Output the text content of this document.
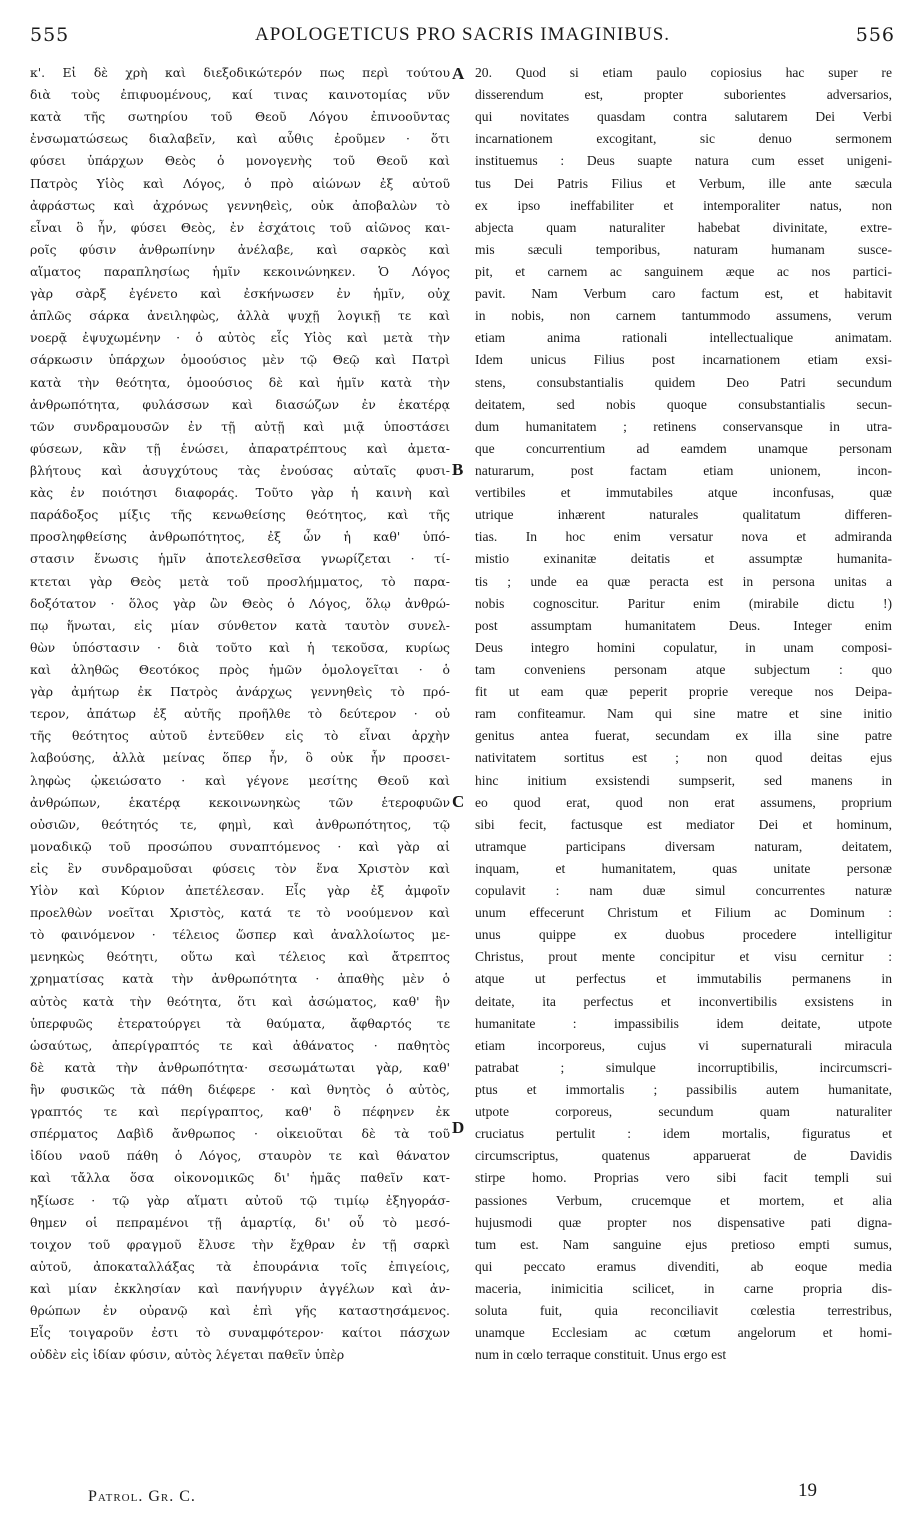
555	APOLOGETICUS PRO SACRIS IMAGINIBUS.	556
κ'. Εἰ δὲ χρὴ καὶ διεξοδικώτερόν πως περὶ τούτου
διὰ τοὺς ἐπιφυομένους, καί τινας καινοτομίας νῦν
κατὰ τῆς σωτηρίου τοῦ Θεοῦ Λόγου ἐπινοοῦντας
ἐνσωματώσεως διαλαβεῖν, καὶ αὖθις ἐροῦμεν · ὅτι
φύσει ὑπάρχων Θεὸς ὁ μονογενὴς τοῦ Θεοῦ καὶ
Πατρὸς Υἱὸς καὶ Λόγος, ὁ πρὸ αἰώνων ἐξ αὐτοῦ
ἀφράστως καὶ ἀχρόνως γεννηθεὶς, οὐκ ἀποβαλὼν τὸ
εἶναι ὃ ἦν, φύσει Θεὸς, ἐν ἐσχάτοις τοῦ αἰῶνος και-
ροῖς φύσιν ἀνθρωπίνην ἀνέλαβε, καὶ σαρκὸς καὶ
αἵματος παραπλησίως ἡμῖν κεκοινώνηκεν. Ὁ Λόγος
γὰρ σὰρξ ἐγένετο καὶ ἐσκήνωσεν ἐν ἡμῖν, οὐχ
ἁπλῶς σάρκα ἀνειληφὼς, ἀλλὰ ψυχῇ λογικῇ τε καὶ
νοερᾷ ἐψυχωμένην · ὁ αὐτὸς εἷς Υἱὸς καὶ μετὰ τὴν
σάρκωσιν ὑπάρχων ὁμοούσιος μὲν τῷ Θεῷ καὶ Πατρὶ
κατὰ τὴν θεότητα, ὁμοούσιος δὲ καὶ ἡμῖν κατὰ τὴν
ἀνθρωπότητα, φυλάσσων καὶ διασώζων ἐν ἑκατέρᾳ
τῶν συνδραμουσῶν ἐν τῇ αὐτῇ καὶ μιᾷ ὑποστάσει
φύσεων, κἂν τῇ ἑνώσει, ἀπαρατρέπτους καὶ ἀμετα-
βλήτους καὶ ἀσυγχύτους τὰς ἐνούσας αὐταῖς φυσι-
κὰς ἐν ποιότησι διαφοράς. Τοῦτο γὰρ ἡ καινὴ καὶ
παράδοξος μίξις τῆς κενωθείσης θεότητος, καὶ τῆς
προσληφθείσης ἀνθρωπότητος, ἐξ ὧν ἡ καθ' ὑπό-
στασιν ἕνωσις ἡμῖν ἀποτελεσθεῖσα γνωρίζεται · τί-
κτεται γὰρ Θεὸς μετὰ τοῦ προσλήμματος, τὸ παρα-
δοξότατον · ὅλος γὰρ ὢν Θεὸς ὁ Λόγος, ὅλῳ ἀνθρώ-
πῳ ἥνωται, εἰς μίαν σύνθετον κατὰ ταυτὸν συνελ-
θὼν ὑπόστασιν · διὰ τοῦτο καὶ ἡ τεκοῦσα, κυρίως
καὶ ἀληθῶς Θεοτόκος πρὸς ἡμῶν ὁμολογεῖται · ὁ
γὰρ ἀμήτωρ ἐκ Πατρὸς ἀνάρχως γεννηθεὶς τὸ πρό-
τερον, ἀπάτωρ ἐξ αὐτῆς προῆλθε τὸ δεύτερον · οὐ
τῆς θεότητος αὐτοῦ ἐντεῦθεν εἰς τὸ εἶναι ἀρχὴν
λαβούσης, ἀλλὰ μείνας ὅπερ ἦν, ὃ οὐκ ἦν προσει-
ληφὼς ᾠκειώσατο · καὶ γέγονε μεσίτης Θεοῦ καὶ
ἀνθρώπων, ἑκατέρᾳ κεκοινωνηκὼς τῶν ἑτεροφυῶν
οὐσιῶν, θεότητός τε, φημὶ, καὶ ἀνθρωπότητος, τῷ
μοναδικῷ τοῦ προσώπου συναπτόμενος · καὶ γὰρ αἱ
εἰς ἓν συνδραμοῦσαι φύσεις τὸν ἕνα Χριστὸν καὶ
Υἱὸν καὶ Κύριον ἀπετέλεσαν. Εἷς γὰρ ἐξ ἀμφοῖν
προελθὼν νοεῖται Χριστὸς, κατά τε τὸ νοούμενον καὶ
τὸ φαινόμενον · τέλειος ὥσπερ καὶ ἀναλλοίωτος με-
μενηκὼς θεότητι, οὕτω καὶ τέλειος καὶ ἄτρεπτος
χρηματίσας κατὰ τὴν ἀνθρωπότητα · ἀπαθὴς μὲν ὁ
αὐτὸς κατὰ τὴν θεότητα, ὅτι καὶ ἀσώματος, καθ' ἣν
ὑπερφυῶς ἐτερατούργει τὰ θαύματα, ἄφθαρτός τε
ὡσαύτως, ἀπερίγραπτός τε καὶ ἀθάνατος · παθητὸς
δὲ κατὰ τὴν ἀνθρωπότητα· σεσωμάτωται γὰρ, καθ'
ἣν φυσικῶς τὰ πάθη διέφερε · καὶ θνητὸς ὁ αὐτὸς,
γραπτός τε καὶ περίγραπτος, καθ' ὃ πέφηνεν ἐκ
σπέρματος Δαβὶδ ἄνθρωπος · οἰκειοῦται δὲ τὰ τοῦ
ἰδίου ναοῦ πάθη ὁ Λόγος, σταυρὸν τε καὶ θάνατον
καὶ τἄλλα ὅσα οἰκονομικῶς δι' ἡμᾶς παθεῖν κατ-
ηξίωσε · τῷ γὰρ αἵματι αὐτοῦ τῷ τιμίῳ ἐξηγοράσ-
θημεν οἱ πεπραμένοι τῇ ἁμαρτίᾳ, δι' οὗ τὸ μεσό-
τοιχον τοῦ φραγμοῦ ἔλυσε τὴν ἔχθραν ἐν τῇ σαρκὶ
αὐτοῦ, ἀποκαταλλάξας τὰ ἐπουράνια τοῖς ἐπιγείοις,
καὶ μίαν ἐκκλησίαν καὶ πανήγυριν ἀγγέλων καὶ ἀν-
θρώπων ἐν οὐρανῷ καὶ ἐπὶ γῆς καταστησάμενος.
Εἷς τοιγαροῦν ἐστι τὸ συναμφότερον· καίτοι πάσχων
οὐδὲν εἰς ἰδίαν φύσιν, αὐτὸς λέγεται παθεῖν ὑπὲρ
A
B
C
D
20. Quod si etiam paulo copiosius hac super re
disserendum est, propter suborientes adversarios,
qui novitates quasdam contra salutarem Dei Verbi
incarnationem excogitant, sic denuo sermonem
instituemus : Deus suapte natura cum esset unigeni-
tus Dei Patris Filius et Verbum, ille ante sæcula
ex ipso ineffabiliter et intemporaliter natus, non
abjecta quam naturaliter habebat divinitate, extre-
mis sæculi temporibus, naturam humanam susce-
pit, et carnem ac sanguinem æque ac nos partici-
pavit. Nam Verbum caro factum est, et habitavit
in nobis, non carnem tantummodo assumens, verum
etiam anima rationali intellectualique animatam.
Idem unicus Filius post incarnationem etiam exsi-
stens, consubstantialis quidem Deo Patri secundum
deitatem, sed nobis quoque consubstantialis secun-
dum humanitatem ; retinens conservansque in utra-
que concurrentium ad eamdem unamque personam
naturarum, post factam etiam unionem, incon-
vertibiles et immutabiles atque inconfusas, quæ
utrique inhærent naturales qualitatum differen-
tias. In hoc enim versatur nova et admiranda
mistio exinanitæ deitatis et assumptæ humanita-
tis ; unde ea quæ peracta est in persona unitas a
nobis cognoscitur. Paritur enim (mirabile dictu !)
post assumptam humanitatem Deus. Integer enim
Deus integro homini copulatur, in unam composi-
tam conveniens personam atque subjectum : quo
fit ut eam quæ peperit proprie vereque nos Deipa-
ram confiteamur. Nam qui sine matre et sine initio
genitus antea fuerat, secundam ex illa sine patre
nativitatem sortitus est ; non quod deitas ejus
hinc initium exsistendi sumpserit, sed manens in
eo quod erat, quod non erat assumens, proprium
sibi fecit, factusque est mediator Dei et hominum,
utramque participans diversam naturam, deitatem,
inquam, et humanitatem, quas unitate personæ
copulavit : nam duæ simul concurrentes naturæ
unum effecerunt Christum et Filium ac Dominum :
unus quippe ex duobus procedere intelligitur
Christus, prout mente concipitur et visu cernitur :
atque ut perfectus et immutabilis permanens in
deitate, ita perfectus et inconvertibilis exsistens in
humanitate : impassibilis idem deitate, utpote
etiam incorporeus, cujus vi supernaturali miracula
patrabat ; simulque incorruptibilis, incircumscri-
ptus et immortalis ; passibilis autem humanitate,
utpote corporeus, secundum quam naturaliter
cruciatus pertulit : idem mortalis, figuratus et
circumscriptus, quatenus apparuerat de Davidis
stirpe homo. Proprias vero sibi facit templi sui
passiones Verbum, crucemque et mortem, et alia
hujusmodi quæ propter nos dispensative pati digna-
tum est. Nam sanguine ejus pretioso empti sumus,
qui peccato eramus divenditi, ab eoque media
maceria, inimicitia scilicet, in carne propria dis-
soluta fuit, quia reconciliavit cœlestia terrestribus,
unamque Ecclesiam ac cœtum angelorum et homi-
num in cœlo terraque constituit. Unus ergo est
Patrol. Gr. C.	19
